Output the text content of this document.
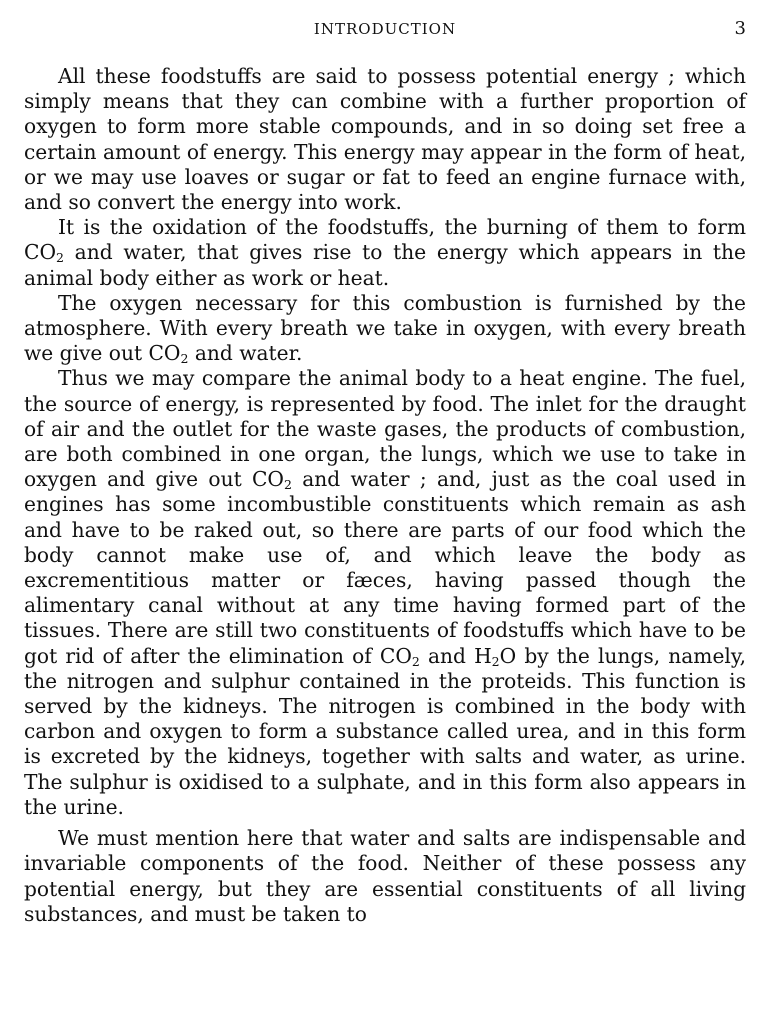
INTRODUCTION	3

All these foodstuffs are said to possess potential energy ; which simply means that they can combine with a further proportion of oxygen to form more stable compounds, and in so doing set free a certain amount of energy. This energy may appear in the form of heat, or we may use loaves or sugar or fat to feed an engine furnace with, and so convert the energy into work.

It is the oxidation of the foodstuffs, the burning of them to form $CO_2$ and water, that gives rise to the energy which appears in the animal body either as work or heat.

The oxygen necessary for this combustion is furnished by the atmosphere. With every breath we take in oxygen, with every breath we give out $CO_2$ and water.

Thus we may compare the animal body to a heat engine. The fuel, the source of energy, is represented by food. The inlet for the draught of air and the outlet for the waste gases, the products of combustion, are both combined in one organ, the lungs, which we use to take in oxygen and give out $CO_2$ and water ; and, just as the coal used in engines has some incombustible constituents which remain as ash and have to be raked out, so there are parts of our food which the body cannot make use of, and which leave the body as excrementitious matter or fæces, having passed though the alimentary canal without at any time having formed part of the tissues. There are still two constituents of foodstuffs which have to be got rid of after the elimination of $CO_2$ and $H_2O$ by the lungs, namely, the nitrogen and sulphur contained in the proteids. This function is served by the kidneys. The nitrogen is combined in the body with carbon and oxygen to form a substance called urea, and in this form is excreted by the kidneys, together with salts and water, as urine. The sulphur is oxidised to a sulphate, and in this form also appears in the urine.

We must mention here that water and salts are indispensable and invariable components of the food. Neither of these possess any potential energy, but they are essential constituents of all living substances, and must be taken to
